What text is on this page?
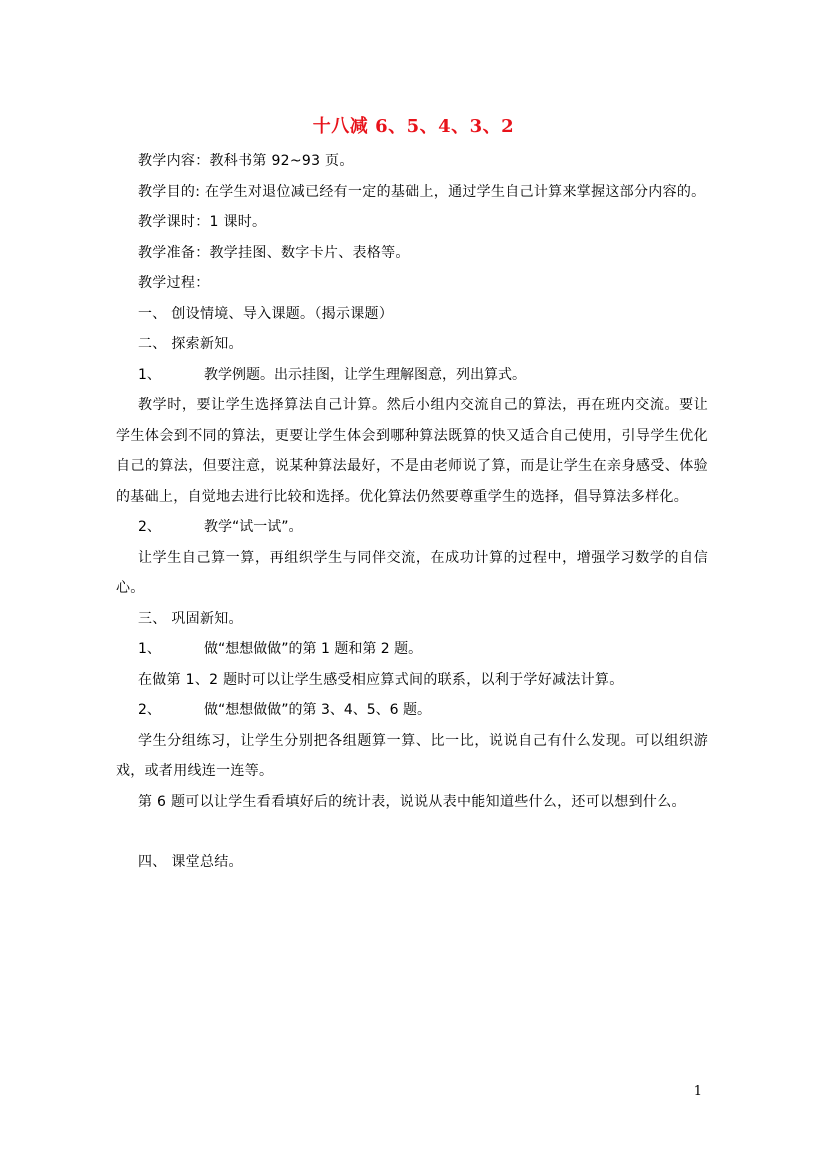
十八减 6、5、4、3、2

教学内容：教科书第 92~93 页。

教学目的: 在学生对退位减已经有一定的基础上，通过学生自己计算来掌握这部分内容的。

教学课时：1 课时。

教学准备：教学挂图、数字卡片、表格等。

教学过程：

一、 创设情境、导入课题。（揭示课题）

二、 探索新知。

1、	教学例题。出示挂图，让学生理解图意，列出算式。

教学时，要让学生选择算法自己计算。然后小组内交流自己的算法，再在班内交流。要让学生体会到不同的算法，更要让学生体会到哪种算法既算的快又适合自己使用，引导学生优化自己的算法，但要注意，说某种算法最好，不是由老师说了算，而是让学生在亲身感受、体验的基础上，自觉地去进行比较和选择。优化算法仍然要尊重学生的选择，倡导算法多样化。

2、	教学“试一试”。

让学生自己算一算，再组织学生与同伴交流，在成功计算的过程中，增强学习数学的自信心。

三、 巩固新知。

1、	做“想想做做”的第 1 题和第 2 题。

在做第 1、2 题时可以让学生感受相应算式间的联系，以利于学好减法计算。

2、	做“想想做做”的第 3、4、5、6 题。

学生分组练习，让学生分别把各组题算一算、比一比，说说自己有什么发现。可以组织游戏，或者用线连一连等。

第 6 题可以让学生看看填好后的统计表，说说从表中能知道些什么，还可以想到什么。

四、 课堂总结。

1
